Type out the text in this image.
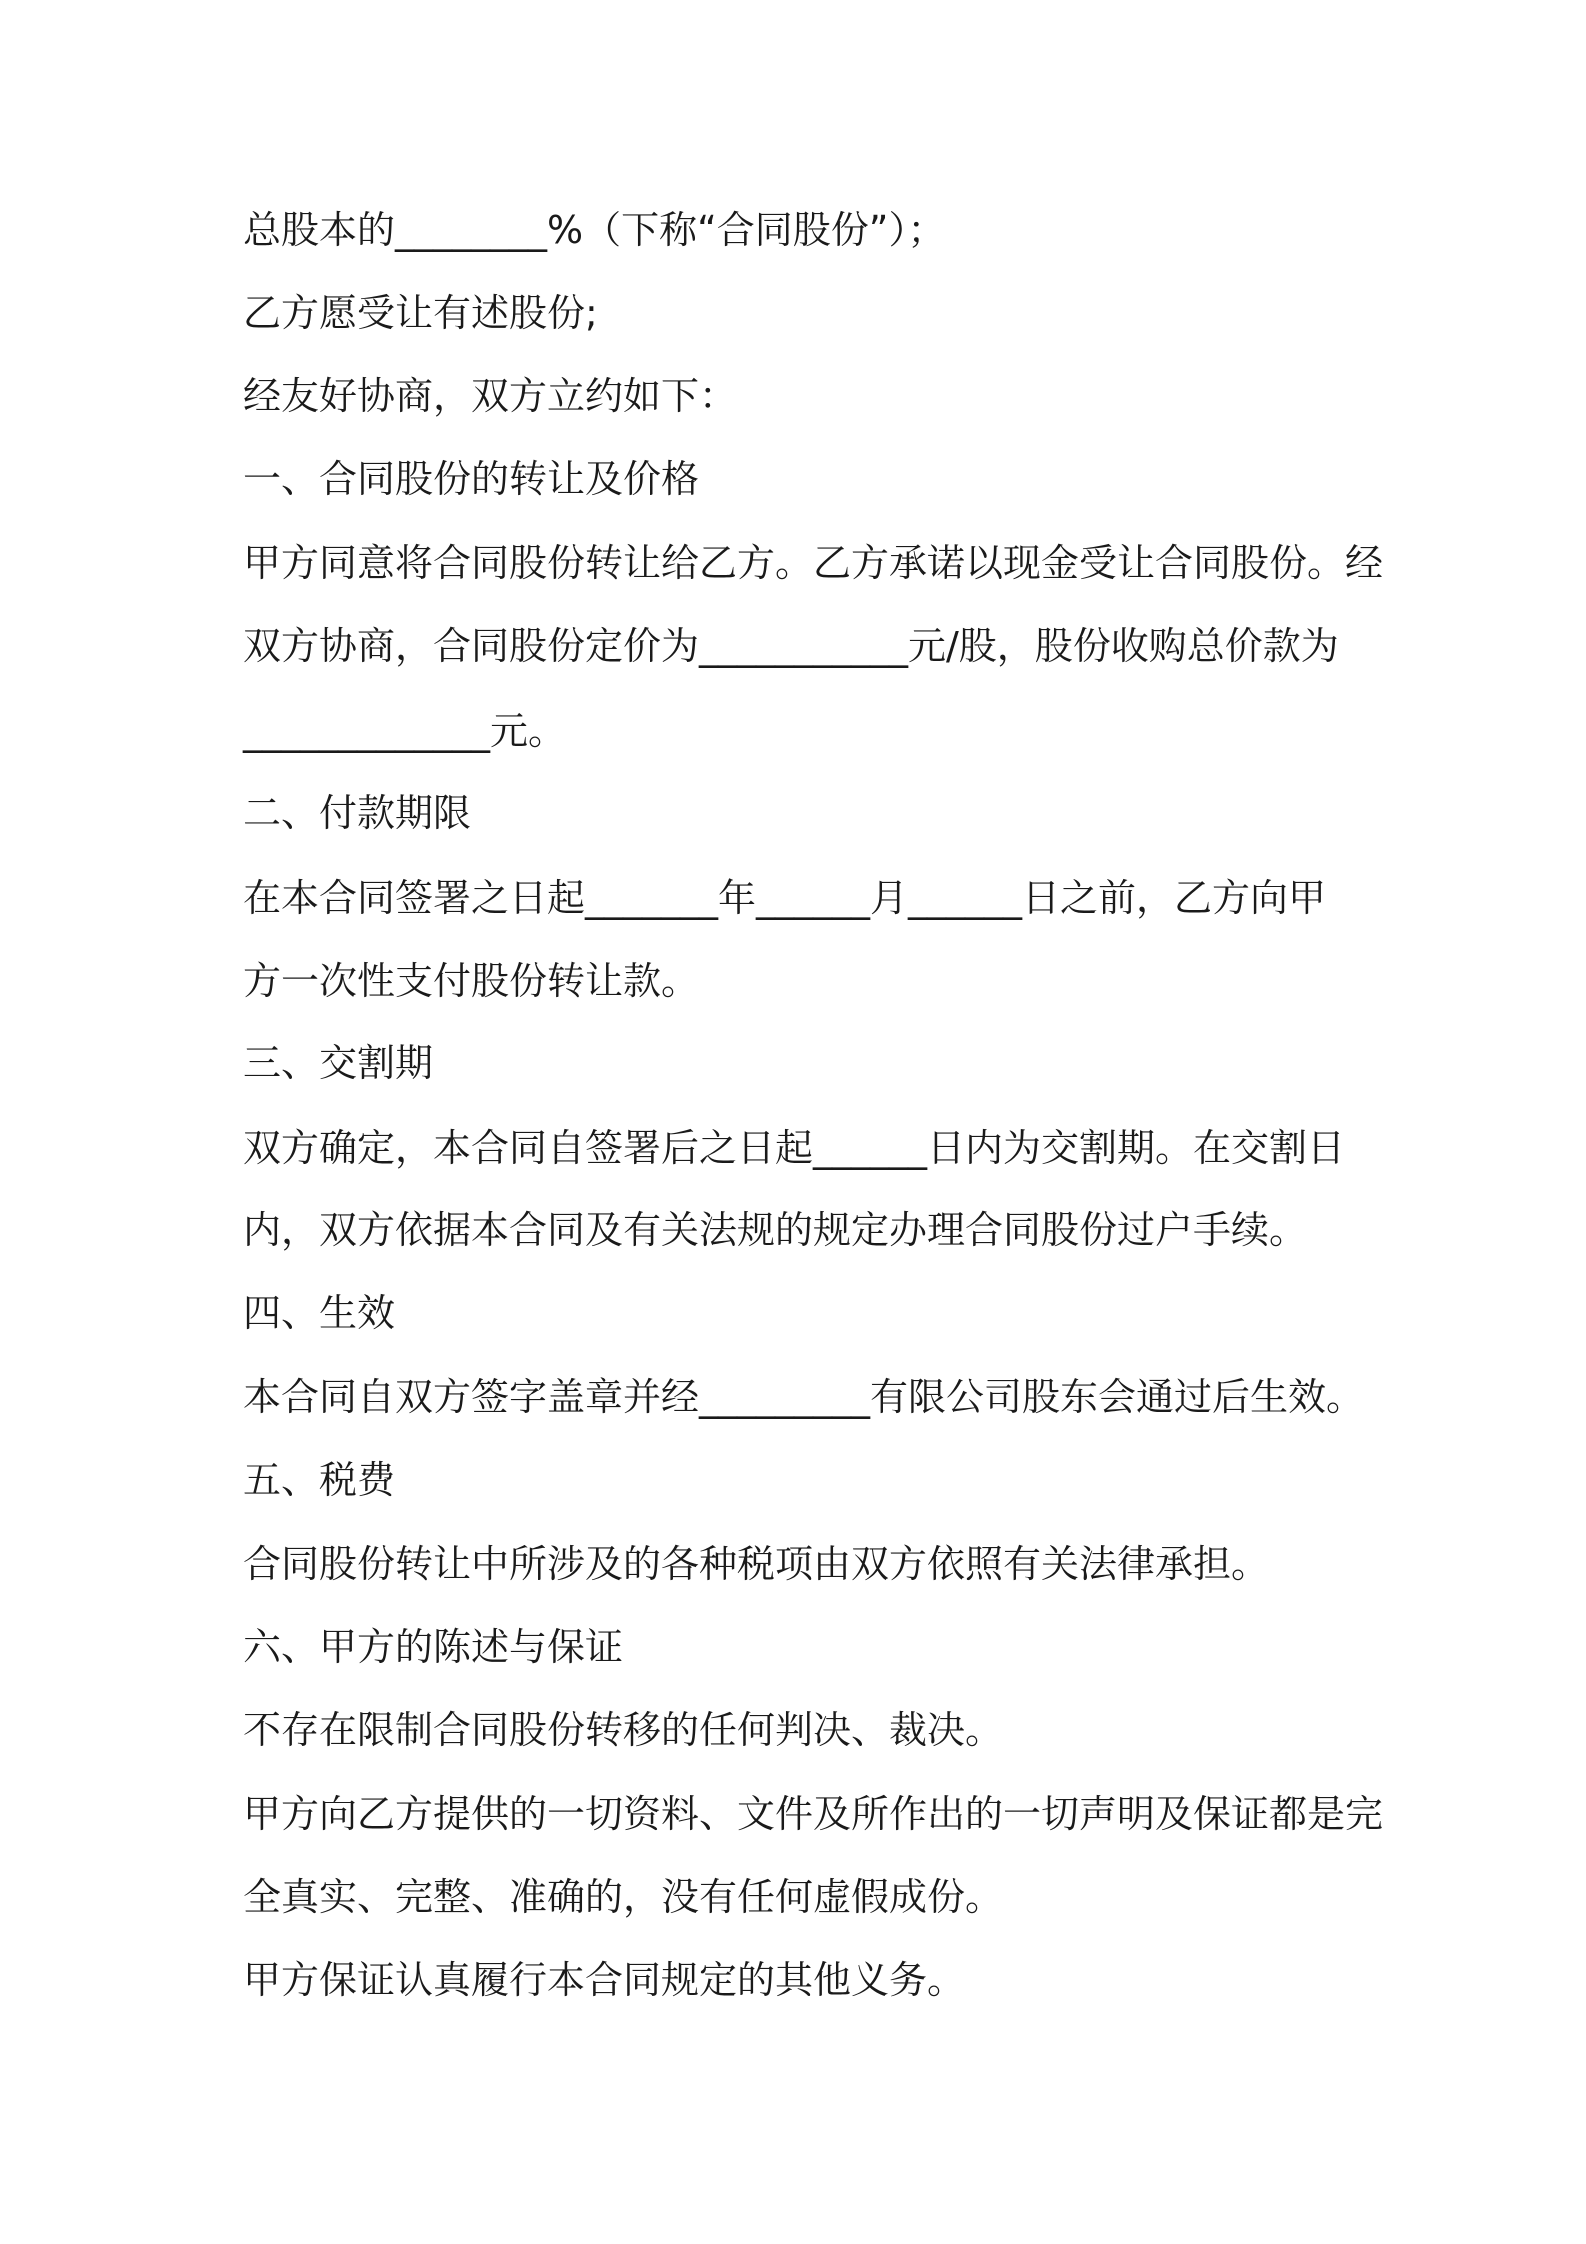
总股本的________%（下称“合同股份”）；
乙方愿受让有述股份;
经友好协商，双方立约如下：
一、合同股份的转让及价格
甲方同意将合同股份转让给乙方。乙方承诺以现金受让合同股份。经
双方协商，合同股份定价为___________元/股，股份收购总价款为
_____________元。
二、付款期限
在本合同签署之日起_______年______月______日之前，乙方向甲
方一次性支付股份转让款。
三、交割期
双方确定，本合同自签署后之日起______日内为交割期。在交割日
内，双方依据本合同及有关法规的规定办理合同股份过户手续。
四、生效
本合同自双方签字盖章并经_________有限公司股东会通过后生效。
五、税费
合同股份转让中所涉及的各种税项由双方依照有关法律承担。
六、甲方的陈述与保证
不存在限制合同股份转移的任何判决、裁决。
甲方向乙方提供的一切资料、文件及所作出的一切声明及保证都是完
全真实、完整、准确的，没有任何虚假成份。
甲方保证认真履行本合同规定的其他义务。
